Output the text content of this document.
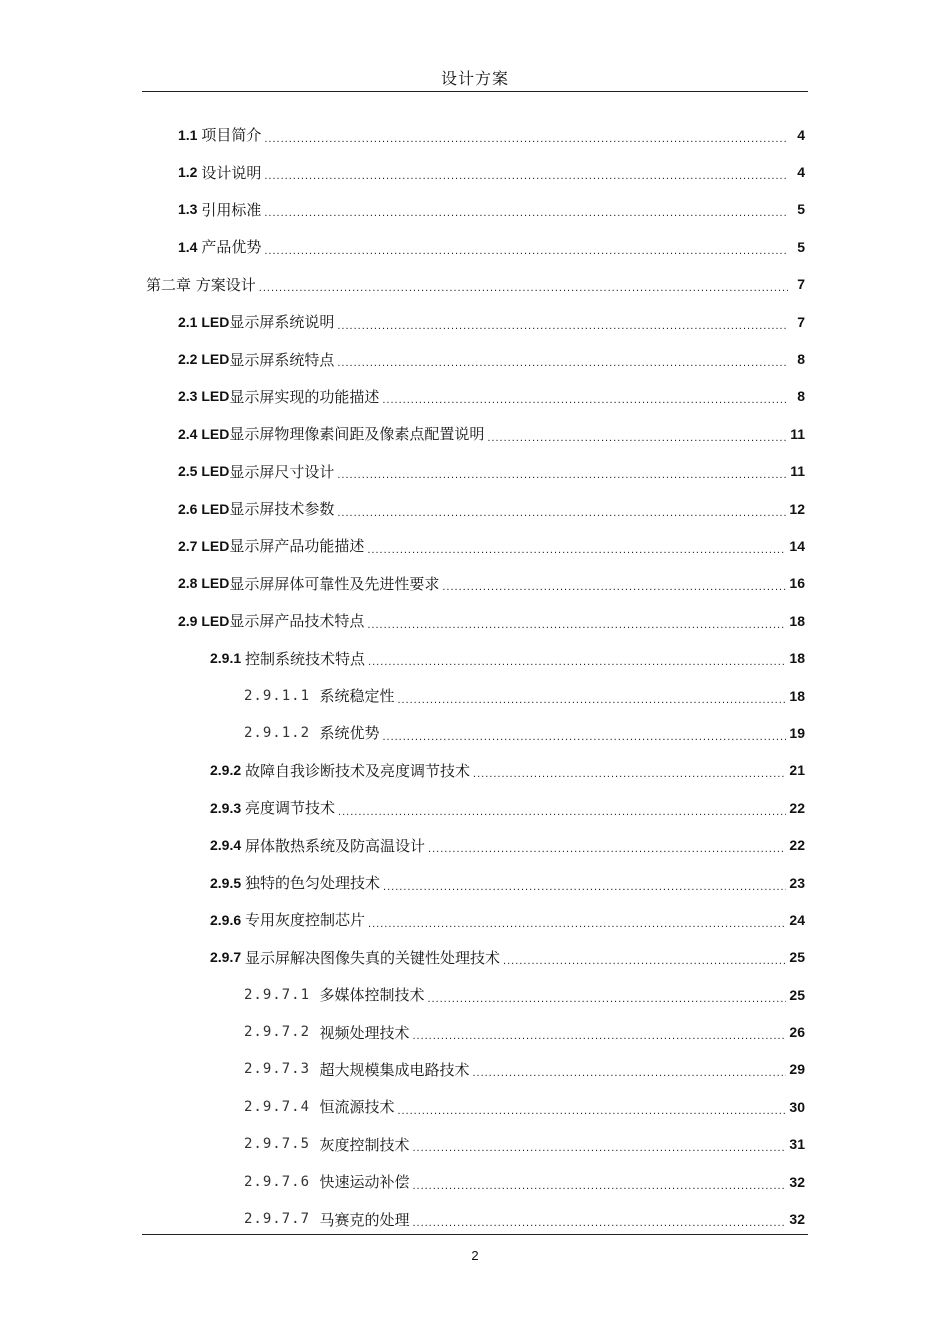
设计方案
1.1 项目简介 .....	4
1.2 设计说明 .....	4
1.3 引用标准 .....	5
1.4 产品优势 .....	5
第二章 方案设计 .....	7
2.1 LED 显示屏系统说明 .....	7
2.2 LED 显示屏系统特点 .....	8
2.3 LED 显示屏实现的功能描述 .....	8
2.4 LED 显示屏物理像素间距及像素点配置说明 .....	11
2.5 LED 显示屏尺寸设计 .....	11
2.6 LED 显示屏技术参数 .....	12
2.7 LED 显示屏产品功能描述 .....	14
2.8 LED 显示屏屏体可靠性及先进性要求 .....	16
2.9 LED 显示屏产品技术特点 .....	18
2.9.1 控制系统技术特点 .....	18
2.9.1.1 系统稳定性 .....	18
2.9.1.2 系统优势 .....	19
2.9.2 故障自我诊断技术及亮度调节技术 .....	21
2.9.3 亮度调节技术 .....	22
2.9.4 屏体散热系统及防高温设计 .....	22
2.9.5 独特的色匀处理技术 .....	23
2.9.6 专用灰度控制芯片 .....	24
2.9.7 显示屏解决图像失真的关键性处理技术 .....	25
2.9.7.1 多媒体控制技术 .....	25
2.9.7.2 视频处理技术 .....	26
2.9.7.3 超大规模集成电路技术 .....	29
2.9.7.4 恒流源技术 .....	30
2.9.7.5 灰度控制技术 .....	31
2.9.7.6 快速运动补偿 .....	32
2.9.7.7 马赛克的处理 .....	32
2
